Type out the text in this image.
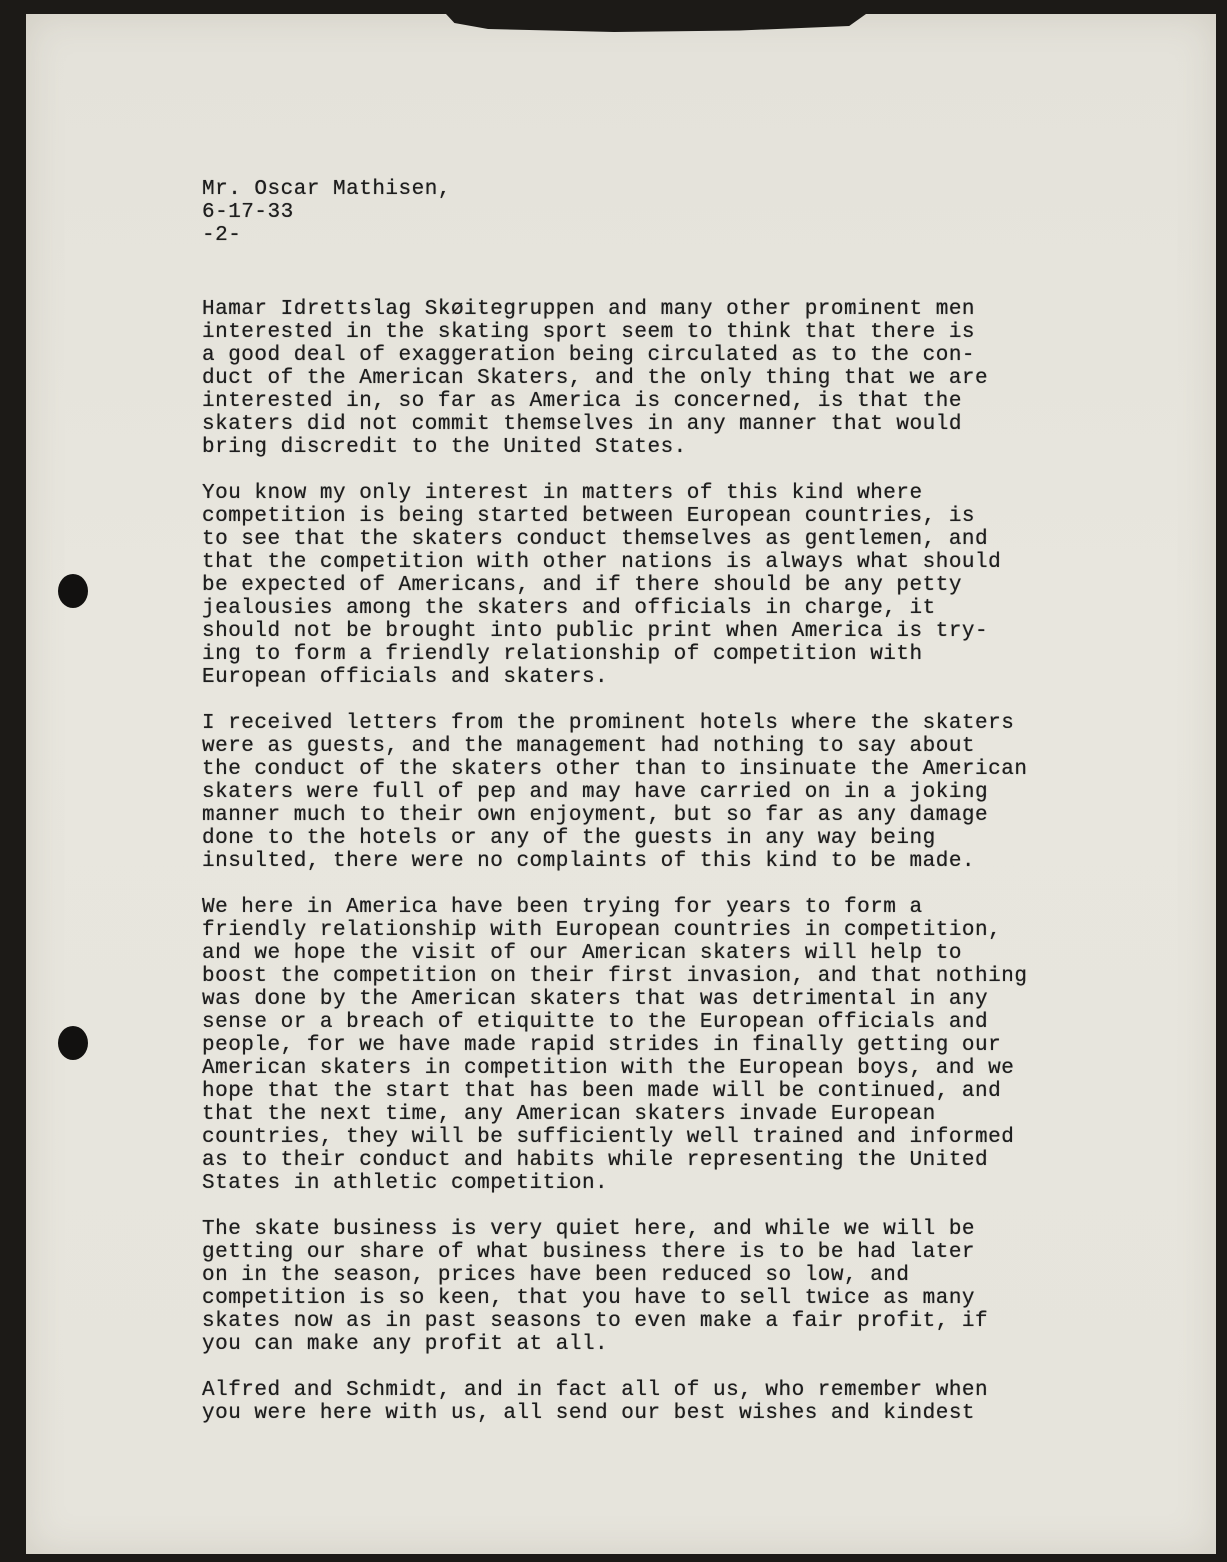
Mr. Oscar Mathisen,
6-17-33
-2-
Hamar Idrettslag Skøitegruppen and many other prominent men
interested in the skating sport seem to think that there is
a good deal of exaggeration being circulated as to the con-
duct of the American Skaters, and the only thing that we are
interested in, so far as America is concerned, is that the
skaters did not commit themselves in any manner that would
bring discredit to the United States.
You know my only interest in matters of this kind where
competition is being started between European countries, is
to see that the skaters conduct themselves as gentlemen, and
that the competition with other nations is always what should
be expected of Americans, and if there should be any petty
jealousies among the skaters and officials in charge, it
should not be brought into public print when America is try-
ing to form a friendly relationship of competition with
European officials and skaters.
I received letters from the prominent hotels where the skaters
were as guests, and the management had nothing to say about
the conduct of the skaters other than to insinuate the American
skaters were full of pep and may have carried on in a joking
manner much to their own enjoyment, but so far as any damage
done to the hotels or any of the guests in any way being
insulted, there were no complaints of this kind to be made.
We here in America have been trying for years to form a
friendly relationship with European countries in competition,
and we hope the visit of our American skaters will help to
boost the competition on their first invasion, and that nothing
was done by the American skaters that was detrimental in any
sense or a breach of etiquitte to the European officials and
people, for we have made rapid strides in finally getting our
American skaters in competition with the European boys, and we
hope that the start that has been made will be continued, and
that the next time, any American skaters invade European
countries, they will be sufficiently well trained and informed
as to their conduct and habits while representing the United
States in athletic competition.
The skate business is very quiet here, and while we will be
getting our share of what business there is to be had later
on in the season, prices have been reduced so low, and
competition is so keen, that you have to sell twice as many
skates now as in past seasons to even make a fair profit, if
you can make any profit at all.
Alfred and Schmidt, and in fact all of us, who remember when
you were here with us, all send our best wishes and kindest
